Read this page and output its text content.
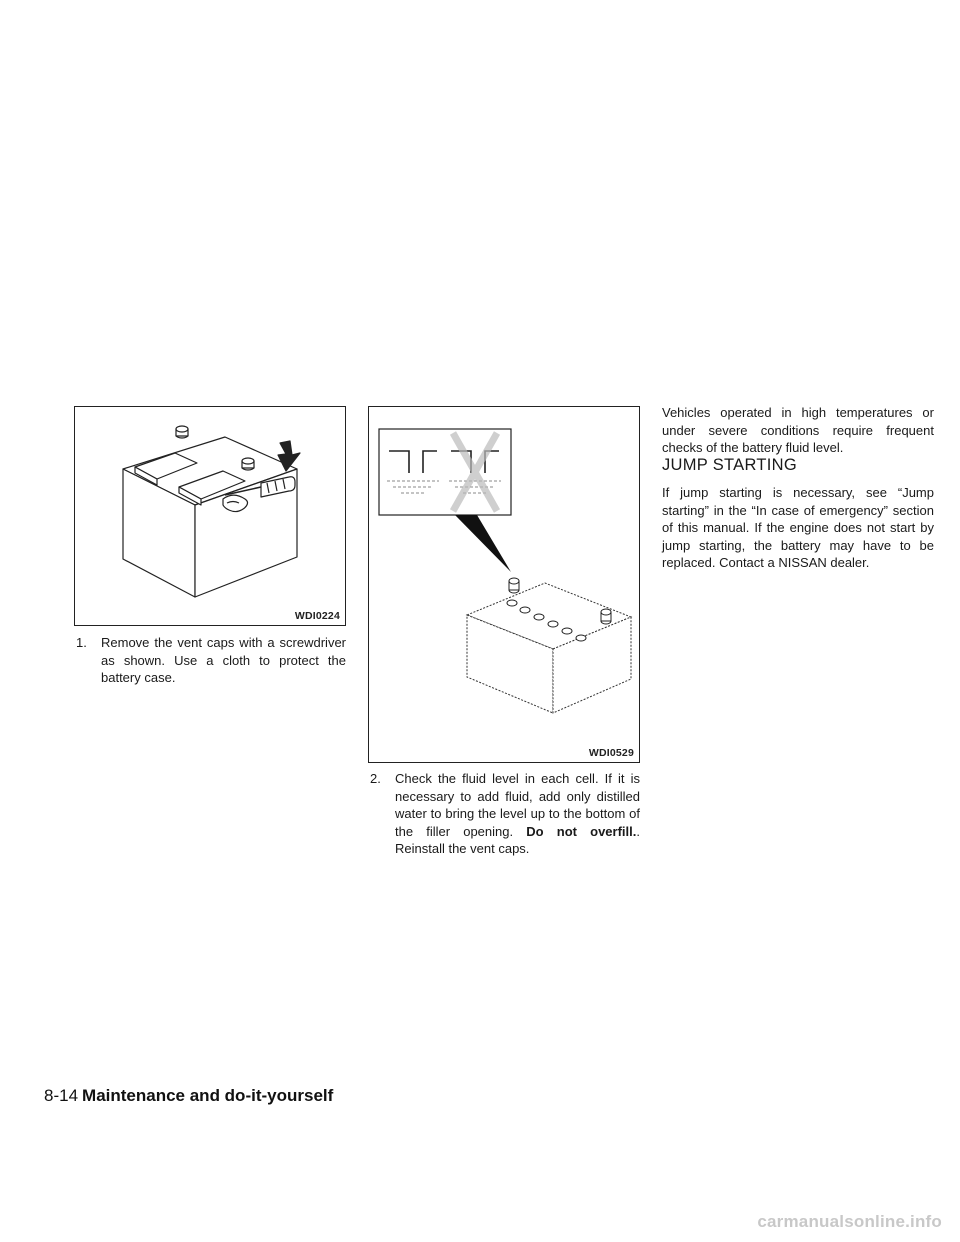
WDI0224
1. Remove the vent caps with a screwdriver as shown. Use a cloth to protect the battery case.
WDI0529
2. Check the fluid level in each cell. If it is necessary to add fluid, add only distilled water to bring the level up to the bottom of the filler opening. Do not overfill.. Reinstall the vent caps.
Vehicles operated in high temperatures or under severe conditions require frequent checks of the battery fluid level.
JUMP STARTING
If jump starting is necessary, see “Jump starting” in the “In case of emergency” section of this manual. If the engine does not start by jump starting, the battery may have to be replaced. Contact a NISSAN dealer.
8-14 Maintenance and do-it-yourself
carmanualsonline.info
